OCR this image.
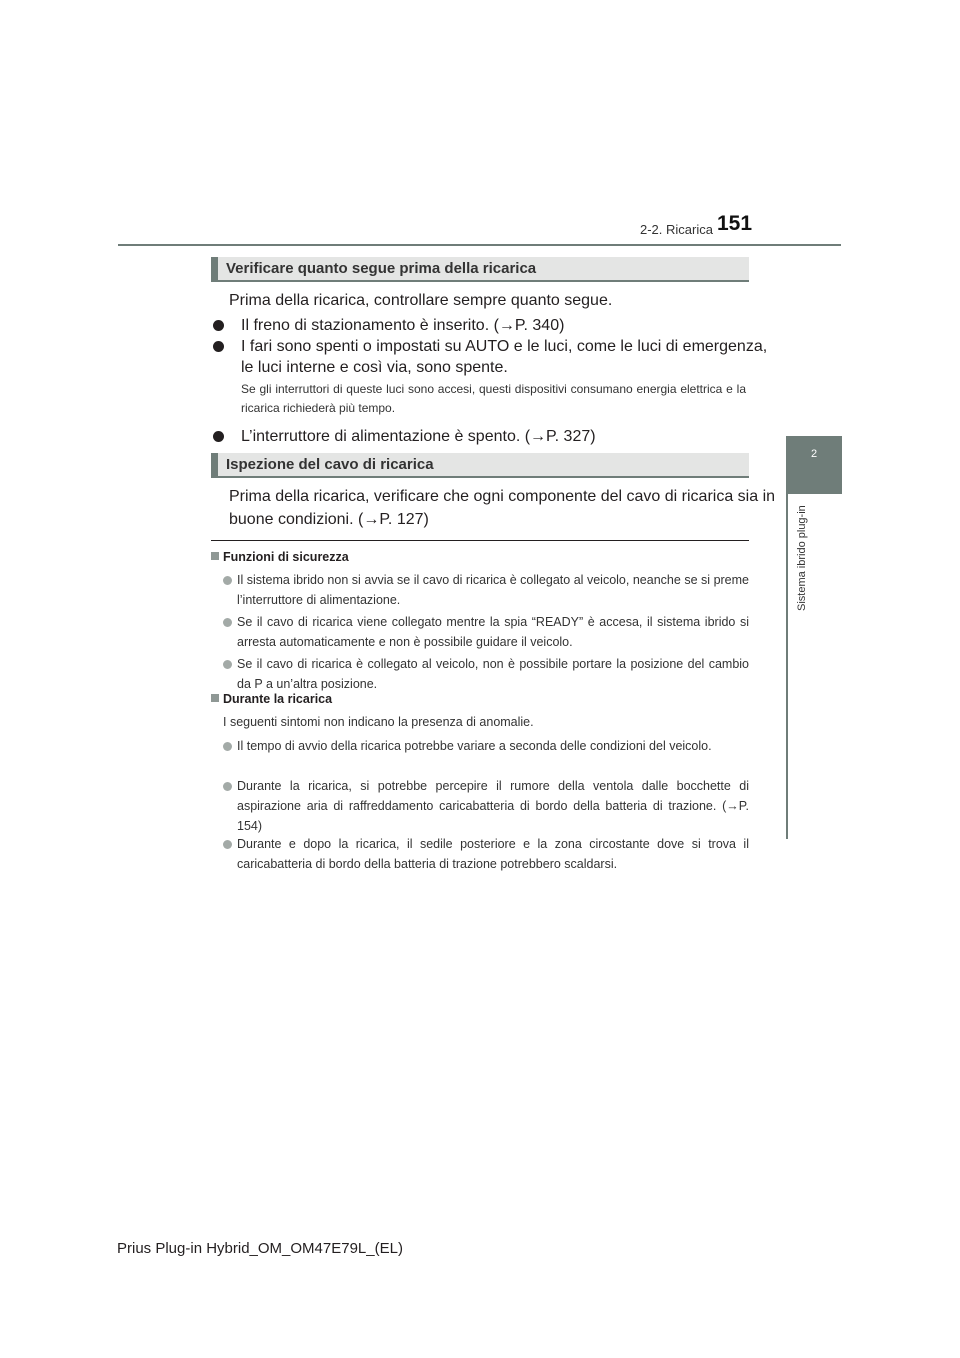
2-2. Ricarica 151
2
Sistema ibrido plug-in
Verificare quanto segue prima della ricarica
Prima della ricarica, controllare sempre quanto segue.
Il freno di stazionamento è inserito. (→P. 340)
I fari sono spenti o impostati su AUTO e le luci, come le luci di emergenza,
le luci interne e così via, sono spente.
Se gli interruttori di queste luci sono accesi, questi dispositivi consumano energia elettrica e la ricarica richiederà più tempo.
L’interruttore di alimentazione è spento. (→P. 327)
Ispezione del cavo di ricarica
Prima della ricarica, verificare che ogni componente del cavo di ricarica sia in
buone condizioni. (→P. 127)
Funzioni di sicurezza
Il sistema ibrido non si avvia se il cavo di ricarica è collegato al veicolo, neanche se si preme l’interruttore di alimentazione.
Se il cavo di ricarica viene collegato mentre la spia “READY” è accesa, il sistema ibrido si arresta automaticamente e non è possibile guidare il veicolo.
Se il cavo di ricarica è collegato al veicolo, non è possibile portare la posizione del cambio da P a un’altra posizione.
Durante la ricarica
I seguenti sintomi non indicano la presenza di anomalie.
Il tempo di avvio della ricarica potrebbe variare a seconda delle condizioni del veicolo.
Durante la ricarica, si potrebbe percepire il rumore della ventola dalle bocchette di aspirazione aria di raffreddamento caricabatteria di bordo della batteria di trazione. (→P. 154)
Durante e dopo la ricarica, il sedile posteriore e la zona circostante dove si trova il caricabatteria di bordo della batteria di trazione potrebbero scaldarsi.
Prius Plug-in Hybrid_OM_OM47E79L_(EL)
